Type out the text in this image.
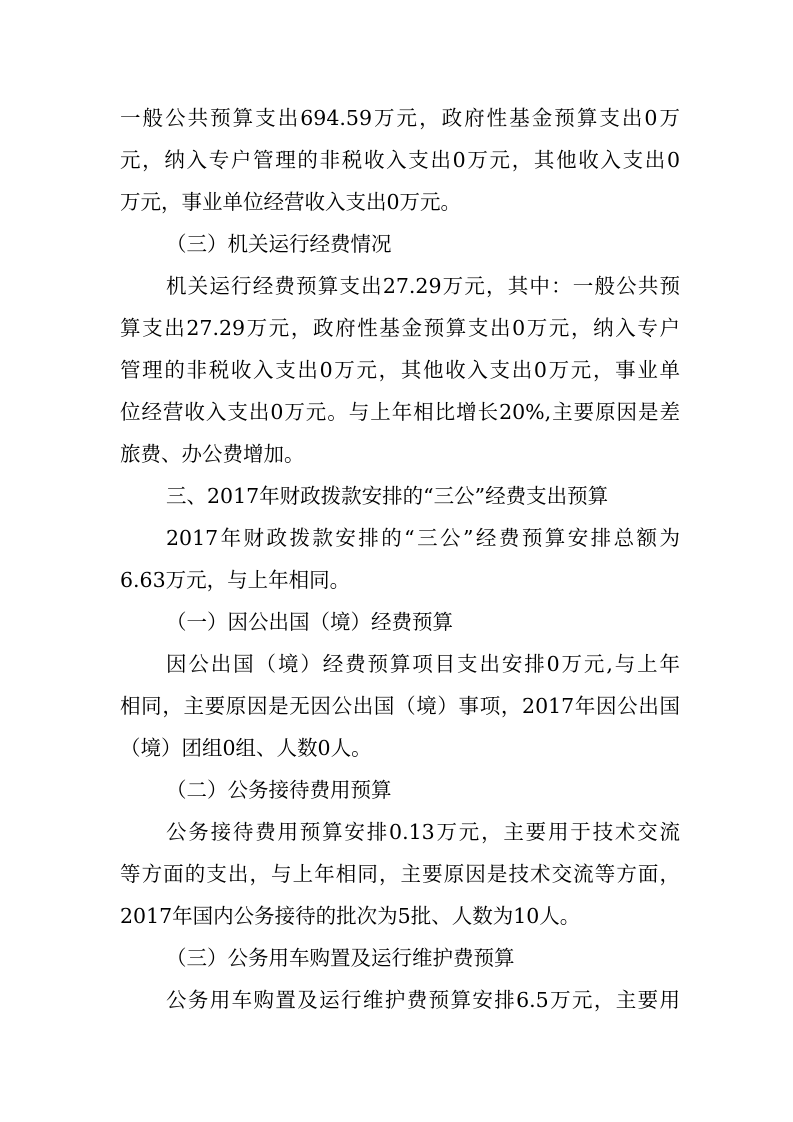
一般公共预算支出694.59万元，政府性基金预算支出0万
元，纳入专户管理的非税收入支出0万元，其他收入支出0
万元，事业单位经营收入支出0万元。
（三）机关运行经费情况
机关运行经费预算支出27.29万元，其中：一般公共预
算支出27.29万元，政府性基金预算支出0万元，纳入专户
管理的非税收入支出0万元，其他收入支出0万元，事业单
位经营收入支出0万元。与上年相比增长20%,主要原因是差
旅费、办公费增加。
三、2017年财政拨款安排的“三公”经费支出预算
2017年财政拨款安排的“三公”经费预算安排总额为
6.63万元，与上年相同。
（一）因公出国（境）经费预算
因公出国（境）经费预算项目支出安排0万元,与上年
相同，主要原因是无因公出国（境）事项，2017年因公出国
（境）团组0组、人数0人。
（二）公务接待费用预算
公务接待费用预算安排0.13万元，主要用于技术交流
等方面的支出，与上年相同，主要原因是技术交流等方面，
2017年国内公务接待的批次为5批、人数为10人。
（三）公务用车购置及运行维护费预算
公务用车购置及运行维护费预算安排6.5万元，主要用
